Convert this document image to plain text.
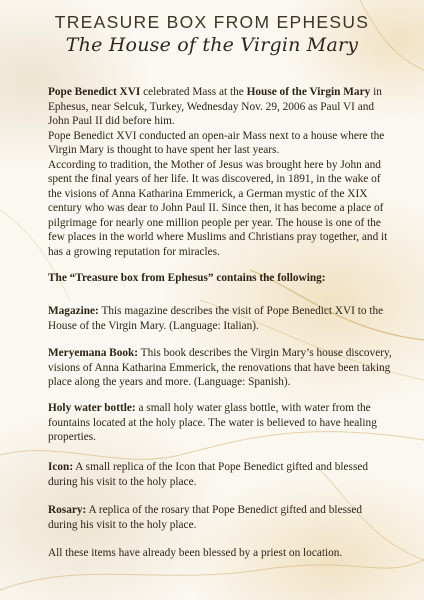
TREASURE BOX FROM EPHESUS
The House of the Virgin Mary
Pope Benedict XVI celebrated Mass at the House of the Virgin Mary in Ephesus, near Selcuk, Turkey, Wednesday Nov. 29, 2006 as Paul VI and John Paul II did before him.
Pope Benedict XVI conducted an open-air Mass next to a house where the Virgin Mary is thought to have spent her last years.
According to tradition, the Mother of Jesus was brought here by John and spent the final years of her life. It was discovered, in 1891, in the wake of the visions of Anna Katharina Emmerick, a German mystic of the XIX century who was dear to John Paul II. Since then, it has become a place of pilgrimage for nearly one million people per year. The house is one of the few places in the world where Muslims and Christians pray together, and it has a growing reputation for miracles.

The “Treasure box from Ephesus” contains the following:

Magazine: This magazine describes the visit of Pope Benedict XVI to the House of the Virgin Mary. (Language: Italian).

Meryemana Book: This book describes the Virgin Mary’s house discovery, visions of Anna Katharina Emmerick, the renovations that have been taking place along the years and more. (Language: Spanish).

Holy water bottle: a small holy water glass bottle, with water from the fountains located at the holy place. The water is believed to have healing properties.

Icon: A small replica of the Icon that Pope Benedict gifted and blessed during his visit to the holy place.

Rosary: A replica of the rosary that Pope Benedict gifted and blessed during his visit to the holy place.

All these items have already been blessed by a priest on location.
